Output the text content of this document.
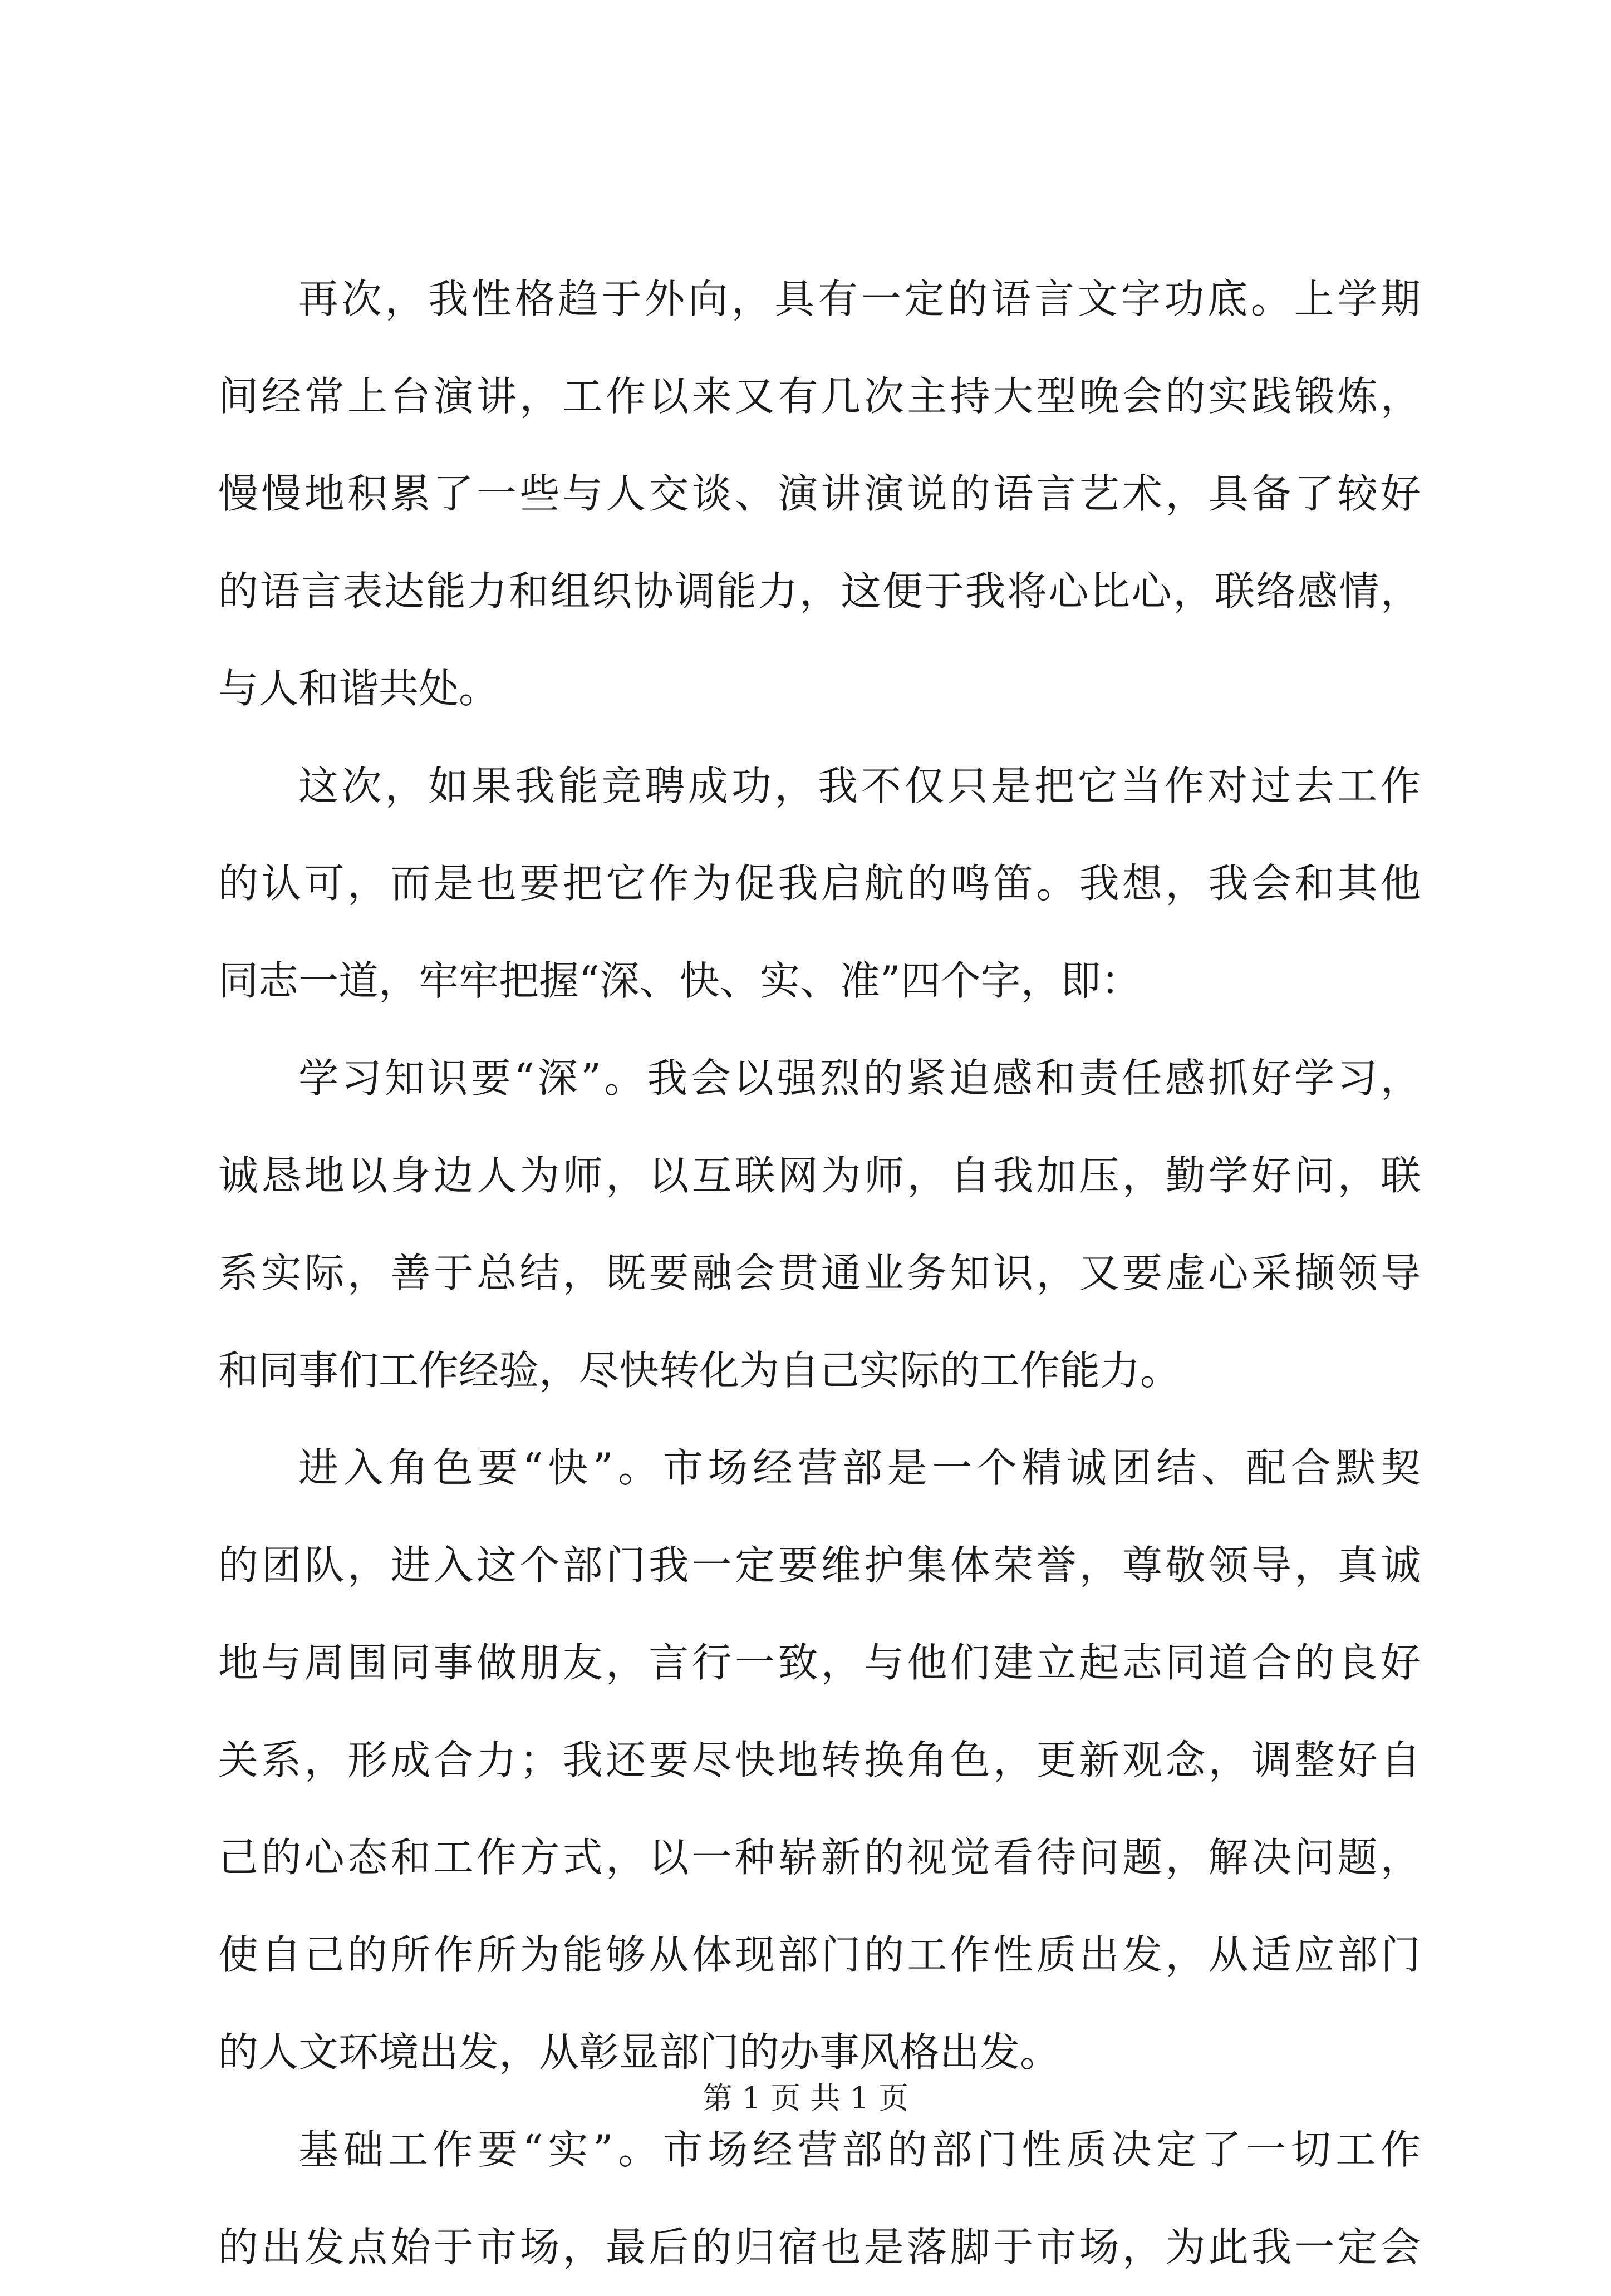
再次，我性格趋于外向，具有一定的语言文字功底。上学期
间经常上台演讲，工作以来又有几次主持大型晚会的实践锻炼，
慢慢地积累了一些与人交谈、演讲演说的语言艺术，具备了较好
的语言表达能力和组织协调能力，这便于我将心比心，联络感情，
与人和谐共处。
这次，如果我能竞聘成功，我不仅只是把它当作对过去工作
的认可，而是也要把它作为促我启航的鸣笛。我想，我会和其他
同志一道，牢牢把握“深、快、实、准”四个字，即：
学习知识要“深”。我会以强烈的紧迫感和责任感抓好学习，
诚恳地以身边人为师，以互联网为师，自我加压，勤学好问，联
系实际，善于总结，既要融会贯通业务知识，又要虚心采撷领导
和同事们工作经验，尽快转化为自己实际的工作能力。
进入角色要“快”。市场经营部是一个精诚团结、配合默契
的团队，进入这个部门我一定要维护集体荣誉，尊敬领导，真诚
地与周围同事做朋友，言行一致，与他们建立起志同道合的良好
关系，形成合力；我还要尽快地转换角色，更新观念，调整好自
己的心态和工作方式，以一种崭新的视觉看待问题，解决问题，
使自己的所作所为能够从体现部门的工作性质出发，从适应部门
的人文环境出发，从彰显部门的办事风格出发。
基础工作要“实”。市场经营部的部门性质决定了一切工作
的出发点始于市场，最后的归宿也是落脚于市场，为此我一定会
第 1 页 共 1 页
